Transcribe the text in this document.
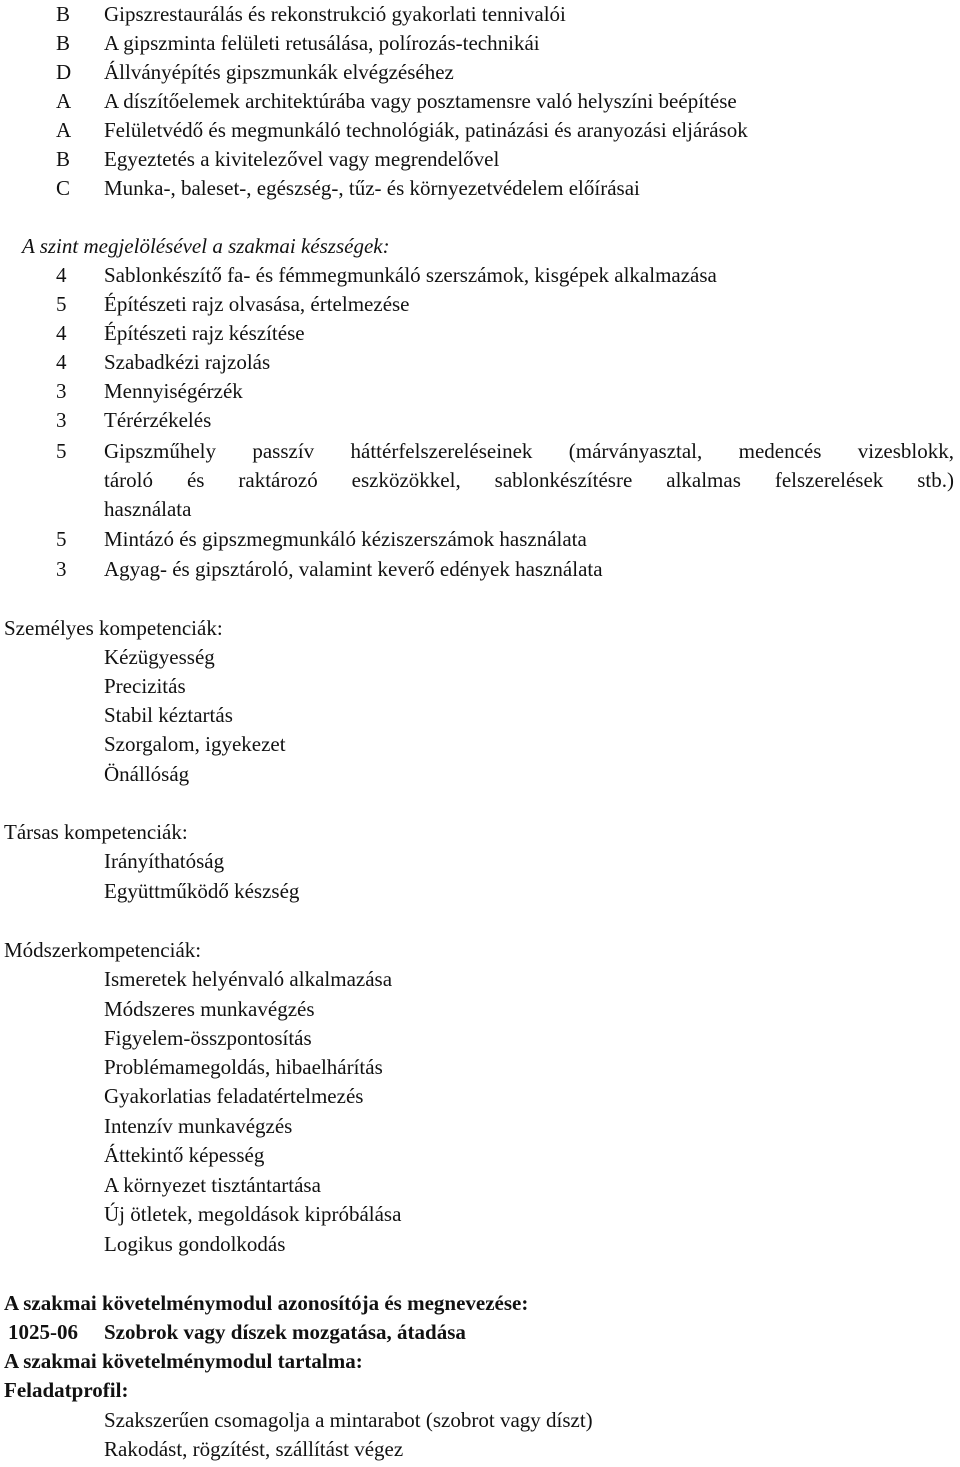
B	Gipszrestaurálás és rekonstrukció gyakorlati tennivalói
B	A gipszminta felületi retusálása, polírozás-technikái
D	Állványépítés gipszmunkák elvégzéséhez
A	A díszítőelemek architektúrába vagy posztamensre való helyszíni beépítése
A	Felületvédő és megmunkáló technológiák, patinázási és aranyozási eljárások
B	Egyeztetés a kivitelezővel vagy megrendelővel
C	Munka-, baleset-, egészség-, tűz- és környezetvédelem előírásai
A szint megjelölésével a szakmai készségek:
4	Sablonkészítő fa- és fémmegmunkáló szerszámok, kisgépek alkalmazása
5	Építészeti rajz olvasása, értelmezése
4	Építészeti rajz készítése
4	Szabadkézi rajzolás
3	Mennyiségérzék
3	Térérzékelés
5	Gipszműhely passzív háttérfelszereléseinek (márványasztal, medencés vizesblokk,
tároló és raktározó eszközökkel, sablonkészítésre alkalmas felszerelések stb.)
használata
5	Mintázó és gipszmegmunkáló kéziszerszámok használata
3	Agyag- és gipsztároló, valamint keverő edények használata
Személyes kompetenciák:
Kézügyesség
Precizitás
Stabil kéztartás
Szorgalom, igyekezet
Önállóság
Társas kompetenciák:
Irányíthatóság
Együttműködő készség
Módszerkompetenciák:
Ismeretek helyénvaló alkalmazása
Módszeres munkavégzés
Figyelem-összpontosítás
Problémamegoldás, hibaelhárítás
Gyakorlatias feladatértelmezés
Intenzív munkavégzés
Áttekintő képesség
A környezet tisztántartása
Új ötletek, megoldások kipróbálása
Logikus gondolkodás
A szakmai követelménymodul azonosítója és megnevezése:
1025-06 Szobrok vagy díszek mozgatása, átadása
A szakmai követelménymodul tartalma:
Feladatprofil:
Szakszerűen csomagolja a mintarabot (szobrot vagy díszt)
Rakodást, rögzítést, szállítást végez
